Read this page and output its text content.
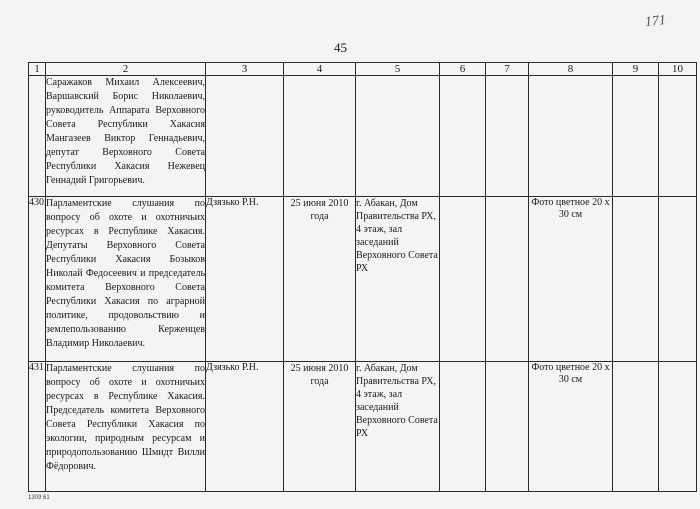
171
45
1	2	3	4	5	6	7	8	9	10
	Саражаков Михаил Алексеевич, Варшавский Борис Николаевич, руководитель Аппарата Верховного Совета Республики Хакасия Мангазеев Виктор Геннадьевич, депутат Верховного Совета Республики Хакасия Нежевец Геннадий Григорьевич.								
430.	Парламентские слушания по вопросу об охоте и охотничьих ресурсах в Республике Хакасия. Депутаты Верховного Совета Республики Хакасия Бозыков Николай Федосеевич и председатель комитета Верховного Совета Республики Хакасия по аграрной политике, продовольствию и землепользованию Керженцев Владимир Николаевич.	Дзязько Р.Н.	25 июня 2010 года	г. Абакан, Дом Правительства РХ, 4 этаж, зал заседаний Верховного Совета РХ			Фото цветное 20 х 30 см		
431.	Парламентские слушания по вопросу об охоте и охотничьих ресурсах в Республике Хакасия. Председатель комитета Верховного Совета Республики Хакасия по экологии, природным ресурсам и природопользованию Шмидт Вилли Фёдорович.	Дзязько Р.Н.	25 июня 2010 года	г. Абакан, Дом Правительства РХ, 4 этаж, зал заседаний Верховного Совета РХ			Фото цветное 20 х 30 см		
1309 61
